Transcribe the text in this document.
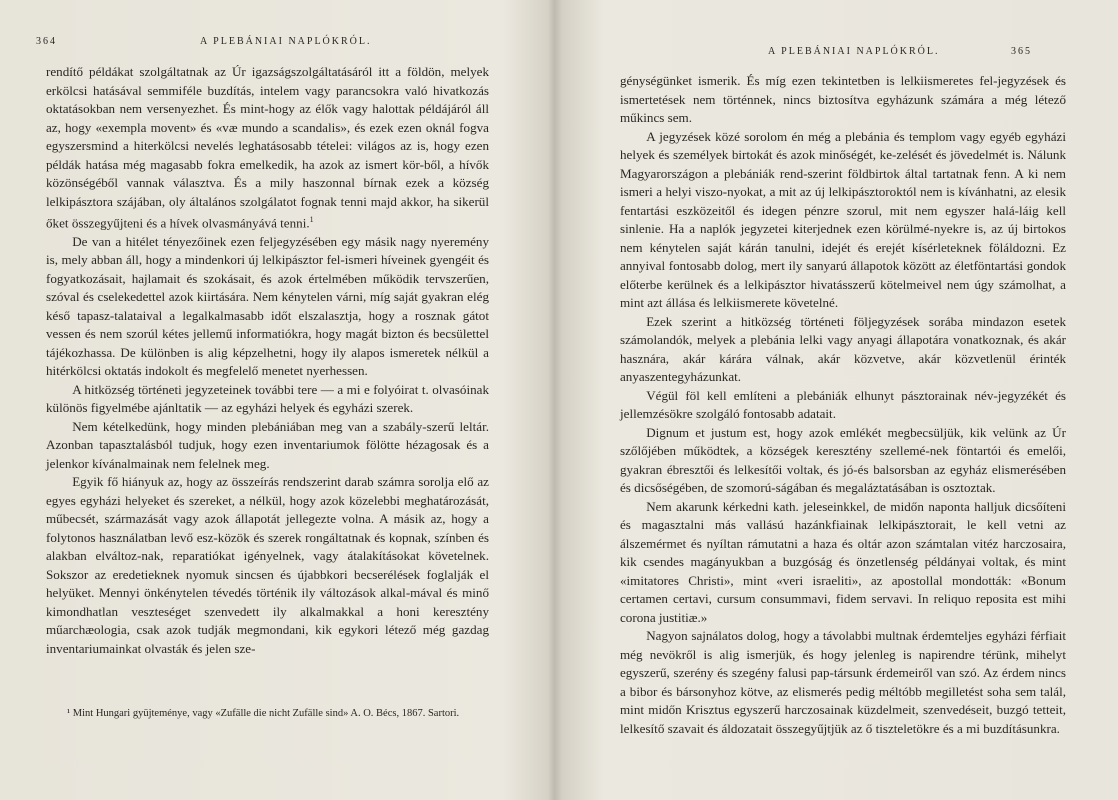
364	A PLEBÁNIAI NAPLÓKRÓL.

rendítő példákat szolgáltatnak az Úr igazságszolgáltatásáról itt a földön, melyek erkölcsi hatásával semmiféle buzdítás, intelem vagy parancsokra való hivatkozás oktatásokban nem versenyezhet. És mint-hogy az élők vagy halottak példájáról áll az, hogy «exempla movent» és «væ mundo a scandalis», és ezek ezen oknál fogva egyszersmind a hiterkölcsi nevelés leghatásosabb tételei: világos az is, hogy ezen példák hatása még magasabb fokra emelkedik, ha azok az ismert kör-ből, a hívők közönségéből vannak választva. És a mily haszonnal bírnak ezek a község lelkipásztora szájában, oly általános szolgálatot fognak tenni majd akkor, ha sikerül őket összegyűjteni és a hívek olvasmányává tenni.$^1$

De van a hitélet tényezőinek ezen feljegyzésében egy másik nagy nyeremény is, mely abban áll, hogy a mindenkori új lelkipásztor fel-ismeri híveinek gyengéit és fogyatkozásait, hajlamait és szokásait, és azok értelmében működik tervszerűen, szóval és cselekedettel azok kiirtására. Nem kénytelen várni, míg saját gyakran elég késő tapasz-talataival a legalkalmasabb időt elszalasztja, hogy a rosznak gátot vessen és nem szorúl kétes jellemű informatiókra, hogy magát bizton és becsülettel tájékozhassa. De különben is alig képzelhetni, hogy ily alapos ismeretek nélkül a hitérkölcsi oktatás indokolt és megfelelő menetet nyerhessen.

A hitközség történeti jegyzeteinek további tere — a mi e folyóirat t. olvasóinak különös figyelmébe ajánltatik — az egyházi helyek és egyházi szerek.

Nem kételkedünk, hogy minden plebániában meg van a szabály-szerű leltár. Azonban tapasztalásból tudjuk, hogy ezen inventariumok fölötte hézagosak és a jelenkor kívánalmainak nem felelnek meg.

Egyik fő hiányuk az, hogy az összeírás rendszerint darab számra sorolja elő az egyes egyházi helyeket és szereket, a nélkül, hogy azok közelebbi meghatározását, műbecsét, származását vagy azok állapotát jellegezte volna. A másik az, hogy a folytonos használatban levő esz-közök és szerek rongáltatnak és kopnak, színben és alakban elváltoz-nak, reparatiókat igényelnek, vagy átalakításokat követelnek. Sokszor az eredetieknek nyomuk sincsen és újabbkori becserélések foglalják el helyüket. Mennyi önkénytelen tévedés történik ily változások alkal-mával és minő kimondhatlan veszteséget szenvedett ily alkalmakkal a honi keresztény műarchæologia, csak azok tudják megmondani, kik egykori létező még gazdag inventariumainkat olvasták és jelen sze-

¹ Mint Hungari gyüjteménye, vagy «Zufälle die nicht Zufälle sind» A. O. Bécs, 1867. Sartori.

A PLEBÁNIAI NAPLÓKRÓL.	365

génységünket ismerik. És míg ezen tekintetben is lelkiismeretes fel-jegyzések és ismertetések nem történnek, nincs biztosítva egyházunk számára a még létező műkincs sem.

A jegyzések közé sorolom én még a plebánia és templom vagy egyéb egyházi helyek és személyek birtokát és azok minőségét, ke-zelését és jövedelmét is. Nálunk Magyarországon a plebániák rend-szerint földbirtok által tartatnak fenn. A ki nem ismeri a helyi viszo-nyokat, a mit az új lelkipásztoroktól nem is kívánhatni, az elesik fentartási eszközeitől és idegen pénzre szorul, mit nem egyszer halá-láig kell sinlenie. Ha a naplók jegyzetei kiterjednek ezen körülmé-nyekre is, az új birtokos nem kénytelen saját kárán tanulni, idejét és erejét kísérleteknek föláldozni. Ez annyival fontosabb dolog, mert ily sanyarú állapotok között az életföntartási gondok előterbe kerülnek és a lelkipásztor hivatásszerű kötelmeivel nem úgy számolhat, a mint azt állása és lelkiismerete követelné.

Ezek szerint a hitközség történeti följegyzések sorába mindazon esetek számolandók, melyek a plebánia lelki vagy anyagi állapotára vonatkoznak, és akár hasznára, akár kárára válnak, akár közvetve, akár közvetlenül érinték anyaszentegyházunkat.

Végül föl kell említeni a plebániák elhunyt pásztorainak név-jegyzékét és jellemzésökre szolgáló fontosabb adatait.

Dignum et justum est, hogy azok emlékét megbecsüljük, kik velünk az Úr szőlőjében működtek, a községek keresztény szellemé-nek föntartói és emelői, gyakran ébresztői és lelkesítői voltak, és jó-és balsorsban az egyház elismerésében és dicsőségében, de szomorú-ságában és megaláztatásában is osztoztak.

Nem akarunk kérkedni kath. jeleseinkkel, de midőn naponta halljuk dicsőíteni és magasztalni más vallású hazánkfiainak lelkipásztorait, le kell vetni az álszemérmet és nyíltan rámutatni a haza és oltár azon számtalan vitéz harczosaira, kik csendes magányukban a buzgóság és önzetlenség példányai voltak, és mint «imitatores Christi», mint «veri israeliti», az apostollal mondották: «Bonum certamen certavi, cursum consummavi, fidem servavi. In reliquo reposita est mihi corona justitiæ.»

Nagyon sajnálatos dolog, hogy a távolabbi multnak érdemteljes egyházi férfiait még nevökről is alig ismerjük, és hogy jelenleg is napirendre térünk, mihelyt egyszerű, szerény és szegény falusi pap-társunk érdemeiről van szó. Az érdem nincs a bibor és bársonyhoz kötve, az elismerés pedig méltóbb megilletést soha sem talál, mint midőn Krisztus egyszerű harczosainak küzdelmeit, szenvedéseit, buzgó tetteit, lelkesítő szavait és áldozatait összegyűjtjük az ő tiszteletökre és a mi buzdításunkra.
